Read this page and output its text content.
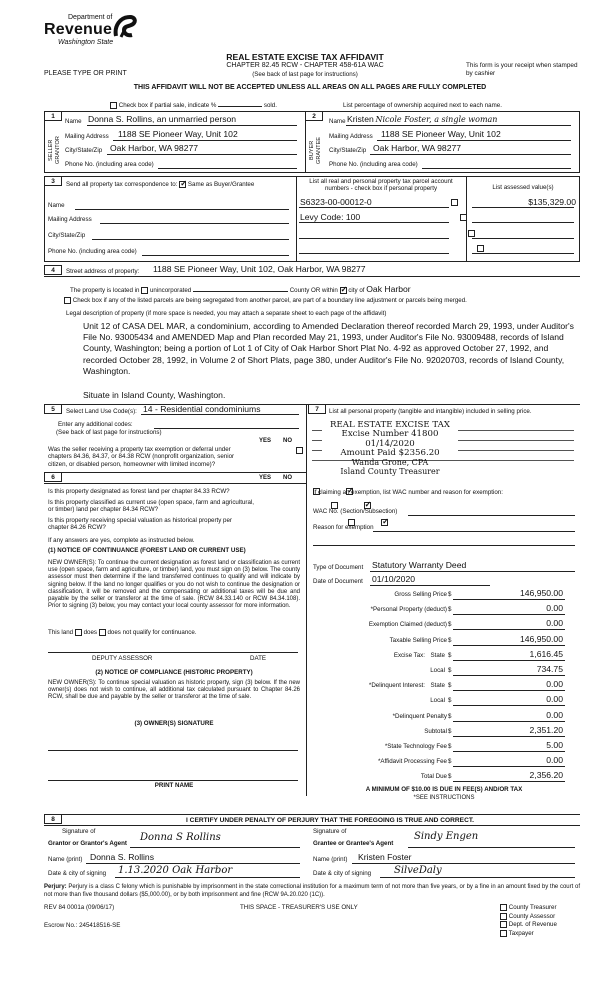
Department of
Revenue
Washington State
PLEASE TYPE OR PRINT
REAL ESTATE EXCISE TAX AFFIDAVIT
CHAPTER 82.45 RCW - CHAPTER 458-61A WAC
(See back of last page for instructions)
This form is your receipt when stamped by cashier
THIS AFFIDAVIT WILL NOT BE ACCEPTED UNLESS ALL AREAS ON ALL PAGES ARE FULLY COMPLETED
Check box if partial sale, indicate %	sold.	List percentage of ownership acquired next to each name.
1
SELLER GRANTOR
Name Donna S. Rollins, an unmarried person
Mailing Address 1188 SE Pioneer Way, Unit 102
City/State/Zip Oak Harbor, WA 98277
Phone No. (including area code)
2
BUYER GRANTEE
Name Kristen Nicole Foster, a single woman
Mailing Address 1188 SE Pioneer Way, Unit 102
City/State/Zip Oak Harbor, WA 98277
Phone No. (including area code)
3	Send all property tax correspondence to: ✓ Same as Buyer/Grantee
Name
Mailing Address
City/State/Zip
Phone No. (including area code)
List all real and personal property tax parcel account numbers - check box if personal property	List assessed value(s)
S6323-00-00012-0	$135,329.00
Levy Code: 100

4	Street address of property: 1188 SE Pioneer Way, Unit 102, Oak Harbor, WA 98277
The property is located in unincorporated	County OR within ✓ city of Oak Harbor
Check box if any of the listed parcels are being segregated from another parcel, are part of a boundary line adjustment or parcels being merged.
Legal description of property (if more space is needed, you may attach a separate sheet to each page of the affidavit)
Unit 12 of CASA DEL MAR, a condominium, according to Amended Declaration thereof recorded March 29, 1993, under Auditor's File No. 93005434 and AMENDED Map and Plan recorded May 21, 1993, under Auditor's File No. 93009488, records of Island County, Washington; being a portion of Lot 1 of City of Oak Harbor Short Plat No. 4-92 as approved October 27, 1992, and recorded October 28, 1992, in Volume 2 of Short Plats, page 380, under Auditor's File No. 92020703, records of Island County, Washington.
Situate in Island County, Washington.
5	Select Land Use Code(s): 14 - Residential condominiums
Enter any additional codes:
(See back of last page for instructions)
YES NO
Was the seller receiving a property tax exemption or deferral under chapters 84.36, 84.37, or 84.38 RCW (nonprofit organization, senior citizen, or disabled person, homeowner with limited income)?
✓
7	List all personal property (tangible and intangible) included in selling price.
REAL ESTATE EXCISE TAX
Excise Number 41800
01/14/2020
Amount Paid $2356.20
Wanda Grone, CPA
Island County Treasurer
6	YES NO
Is this property designated as forest land per chapter 84.33 RCW?
✓
Is this property classified as current use (open space, farm and agricultural, or timber) land per chapter 84.34 RCW?
✓
Is this property receiving special valuation as historical property per chapter 84.26 RCW?
✓
If any answers are yes, complete as instructed below.
(1) NOTICE OF CONTINUANCE (FOREST LAND OR CURRENT USE)
NEW OWNER(S): To continue the current designation as forest land or classification as current use (open space, farm and agriculture, or timber) land, you must sign on (3) below. The county assessor must then determine if the land transferred continues to qualify and will indicate by signing below. If the land no longer qualifies or you do not wish to continue the designation or classification, it will be removed and the compensating or additional taxes will be due and payable by the seller or transferor at the time of sale. (RCW 84.33.140 or RCW 84.34.108). Prior to signing (3) below, you may contact your local county assessor for more information.
This land does does not qualify for continuance.
DEPUTY ASSESSOR	DATE
(2) NOTICE OF COMPLIANCE (HISTORIC PROPERTY)
NEW OWNER(S): To continue special valuation as historic property, sign (3) below. If the new owner(s) does not wish to continue, all additional tax calculated pursuant to Chapter 84.26 RCW, shall be due and payable by the seller or transferor at the time of sale.
(3) OWNER(S) SIGNATURE
PRINT NAME
If claiming an exemption, list WAC number and reason for exemption:
WAC No. (Section/Subsection)
Reason for exemption
Type of Document Statutory Warranty Deed
Date of Document 01/10/2020
Gross Selling Price $	146,950.00
*Personal Property (deduct) $	0.00
Exemption Claimed (deduct) $	0.00
Taxable Selling Price $	146,950.00
Excise Tax: State $	1,616.45
Local $	734.75
*Delinquent Interest: State $	0.00
Local $	0.00
*Delinquent Penalty $	0.00
Subtotal $	2,351.20
*State Technology Fee $	5.00
*Affidavit Processing Fee $	0.00
Total Due $	2,356.20
A MINIMUM OF $10.00 IS DUE IN FEE(S) AND/OR TAX
*SEE INSTRUCTIONS
8	I CERTIFY UNDER PENALTY OF PERJURY THAT THE FOREGOING IS TRUE AND CORRECT.
Signature of
Grantor or Grantor's Agent
Donna S Rollins
Name (print) Donna S. Rollins
Date & city of signing 1.13.2020 Oak Harbor
Signature of
Grantee or Grantee's Agent
Sindy Engen
Name (print) Kristen Foster
Date & city of signing SilveDaly
Perjury: Perjury is a class C felony which is punishable by imprisonment in the state correctional institution for a maximum term of not more than five years, or by a fine in an amount fixed by the court of not more than five thousand dollars ($5,000.00), or by both imprisonment and fine (RCW 9A.20.020 (1C)).
REV 84 0001a (09/06/17)	THIS SPACE - TREASURER'S USE ONLY
Escrow No.: 245418516-SE
County Treasurer
County Assessor
Dept. of Revenue
Taxpayer
